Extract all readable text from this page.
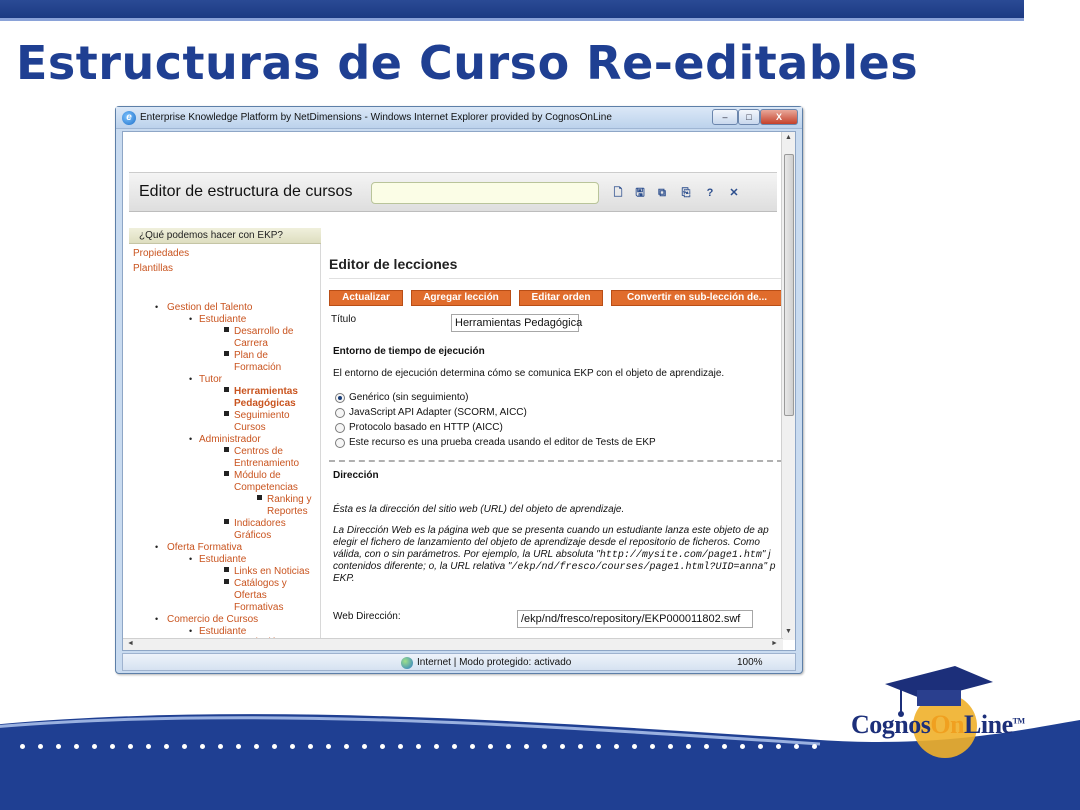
Estructuras de Curso Re-editables
e Enterprise Knowledge Platform by NetDimensions - Windows Internet Explorer provided by CognosOnLine	–	□	X
Editor de estructura de cursos	🗋 🖫 ⧉ ⎘	?	✕
¿Qué podemos hacer con EKP?
Propiedades
Plantillas
• Gestion del Talento
• Estudiante
Desarrollo de
Carrera
Plan de
Formación
• Tutor
Herramientas
Pedagógicas
Seguimiento
Cursos
• Administrador
Centros de
Entrenamiento
Módulo de
Competencias
Ranking y
Reportes
Indicadores
Gráficos
• Oferta Formativa
• Estudiante
Links en Noticias
Catálogos y
Ofertas
Formativas
• Comercio de Cursos
• Estudiante
Editor de lecciones
Actualizar	Agregar lección	Editar orden	Convertir en sub-lección de...
Título	Herramientas Pedagógica
Entorno de tiempo de ejecución
El entorno de ejecución determina cómo se comunica EKP con el objeto de aprendizaje.
Genérico (sin seguimiento)
JavaScript API Adapter (SCORM, AICC)
Protocolo basado en HTTP (AICC)
Este recurso es una prueba creada usando el editor de Tests de EKP
Dirección
Ésta es la dirección del sitio web (URL) del objeto de aprendizaje.
La Dirección Web es la página web que se presenta cuando un estudiante lanza este objeto de ap
elegir el fichero de lanzamiento del objeto de aprendizaje desde el repositorio de ficheros. Como
válida, con o sin parámetros. Por ejemplo, la URL absoluta "http://mysite.com/page1.htm" j
contenidos diferente; o, la URL relativa "/ekp/nd/fresco/courses/page1.html?UID=anna" p
EKP.
Web Dirección:	/ekp/nd/fresco/repository/EKP000011802.swf
▲
▼
◄	►
Internet | Modo protegido: activado	100%
CognosOnLine™
